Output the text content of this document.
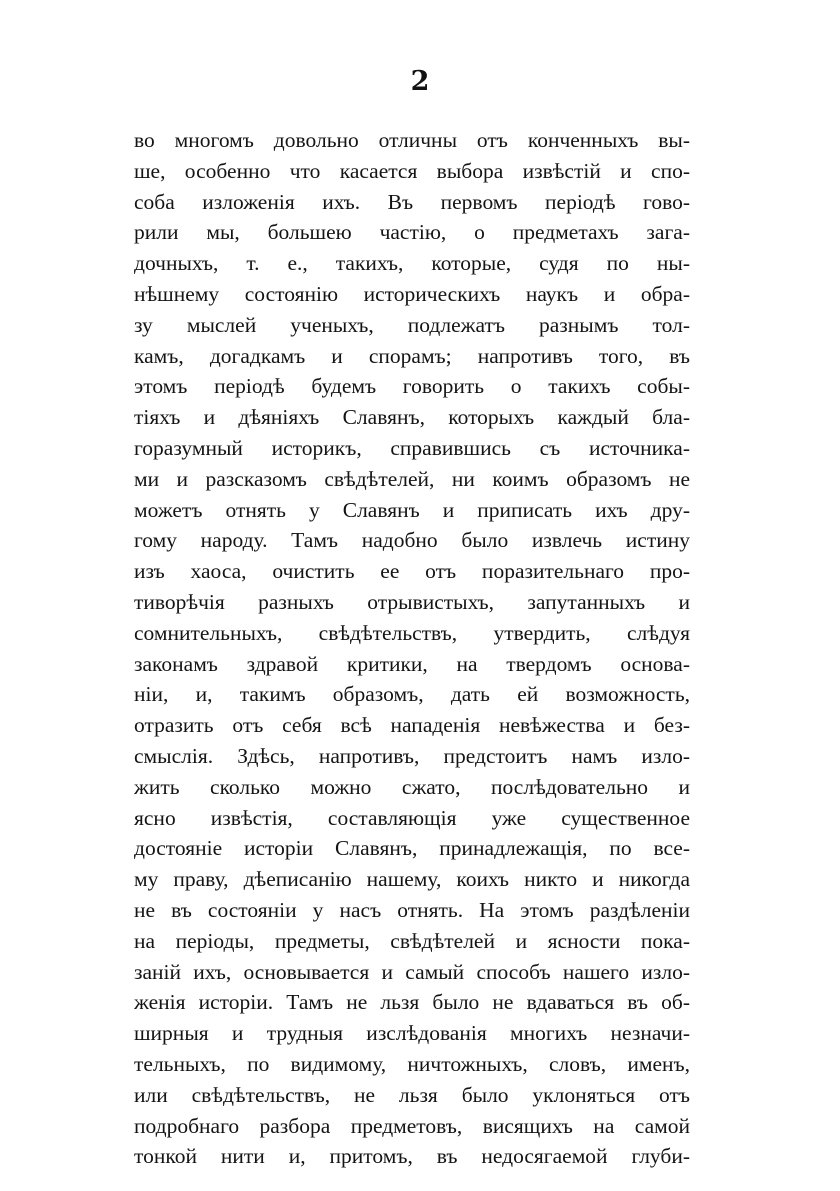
2
во многомъ довольно отличны отъ конченныхъ вы-
ше, особенно что касается выбора извѣстій и спо-
соба изложенія ихъ. Въ первомъ періодѣ гово-
рили мы, большею частію, о предметахъ зага-
дочныхъ, т. е., такихъ, которые, судя по ны-
нѣшнему состоянію историческихъ наукъ и обра-
зу мыслей ученыхъ, подлежатъ разнымъ тол-
камъ, догадкамъ и спорамъ; напротивъ того, въ
этомъ періодѣ будемъ говорить о такихъ собы-
тіяхъ и дѣяніяхъ Славянъ, которыхъ каждый бла-
горазумный историкъ, справившись съ источника-
ми и разсказомъ свѣдѣтелей, ни коимъ образомъ не
можетъ отнять у Славянъ и приписать ихъ дру-
гому народу. Тамъ надобно было извлечь истину
изъ хаоса, очистить ее отъ поразительнаго про-
тиворѣчія разныхъ отрывистыхъ, запутанныхъ и
сомнительныхъ, свѣдѣтельствъ, утвердить, слѣдуя
законамъ здравой критики, на твердомъ основа-
ніи, и, такимъ образомъ, дать ей возможность,
отразить отъ себя всѣ нападенія невѣжества и без-
смыслія. Здѣсь, напротивъ, предстоитъ намъ изло-
жить сколько можно сжато, послѣдовательно и
ясно извѣстія, составляющія уже существенное
достояніе исторіи Славянъ, принадлежащія, по все-
му праву, дѣеписанію нашему, коихъ никто и никогда
не въ состояніи у насъ отнять. На этомъ раздѣленіи
на періоды, предметы, свѣдѣтелей и ясности пока-
заній ихъ, основывается и самый способъ нашего изло-
женія исторіи. Тамъ не льзя было не вдаваться въ об-
ширныя и трудныя изслѣдованія многихъ незначи-
тельныхъ, по видимому, ничтожныхъ, словъ, именъ,
или свѣдѣтельствъ, не льзя было уклоняться отъ
подробнаго разбора предметовъ, висящихъ на самой
тонкой нити и, притомъ, въ недосягаемой глуби-
